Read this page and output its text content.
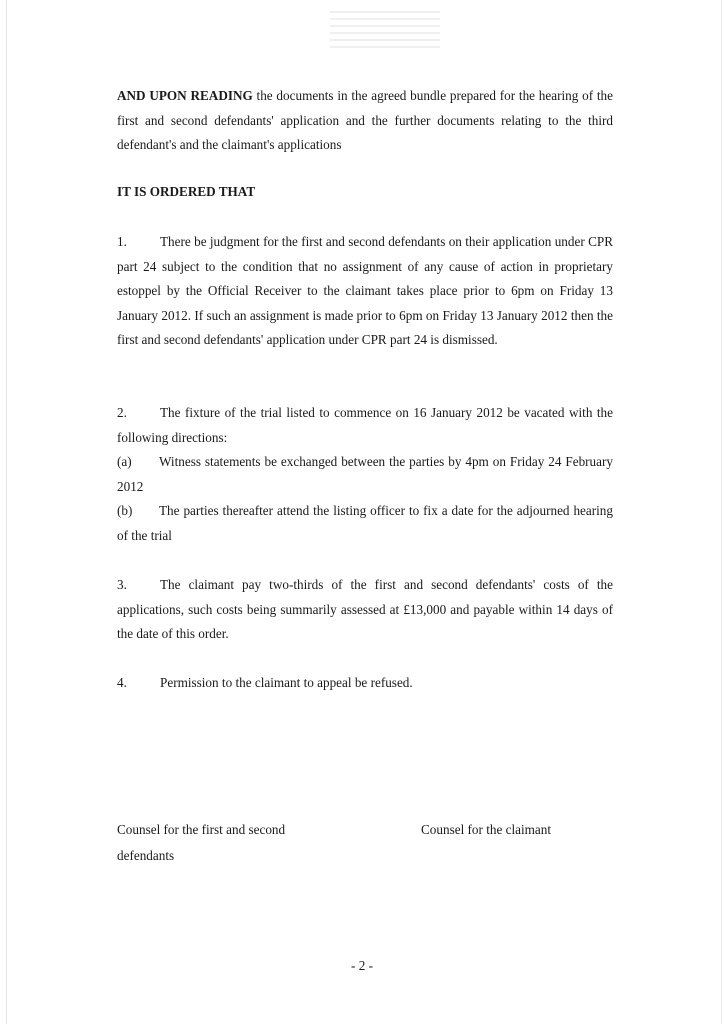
AND UPON READING the documents in the agreed bundle prepared for the hearing of the first and second defendants' application and the further documents relating to the third defendant's and the claimant's applications
IT IS ORDERED THAT
1.	There be judgment for the first and second defendants on their application under CPR part 24 subject to the condition that no assignment of any cause of action in proprietary estoppel by the Official Receiver to the claimant takes place prior to 6pm on Friday 13 January 2012. If such an assignment is made prior to 6pm on Friday 13 January 2012 then the first and second defendants' application under CPR part 24 is dismissed.
2.	The fixture of the trial listed to commence on 16 January 2012 be vacated with the following directions:
(a) Witness statements be exchanged between the parties by 4pm on Friday 24 February 2012
(b) The parties thereafter attend the listing officer to fix a date for the adjourned hearing of the trial
3.	The claimant pay two-thirds of the first and second defendants' costs of the applications, such costs being summarily assessed at £13,000 and payable within 14 days of the date of this order.
4.	Permission to the claimant to appeal be refused.
Counsel for the first and second defendants
Counsel for the claimant
- 2 -
